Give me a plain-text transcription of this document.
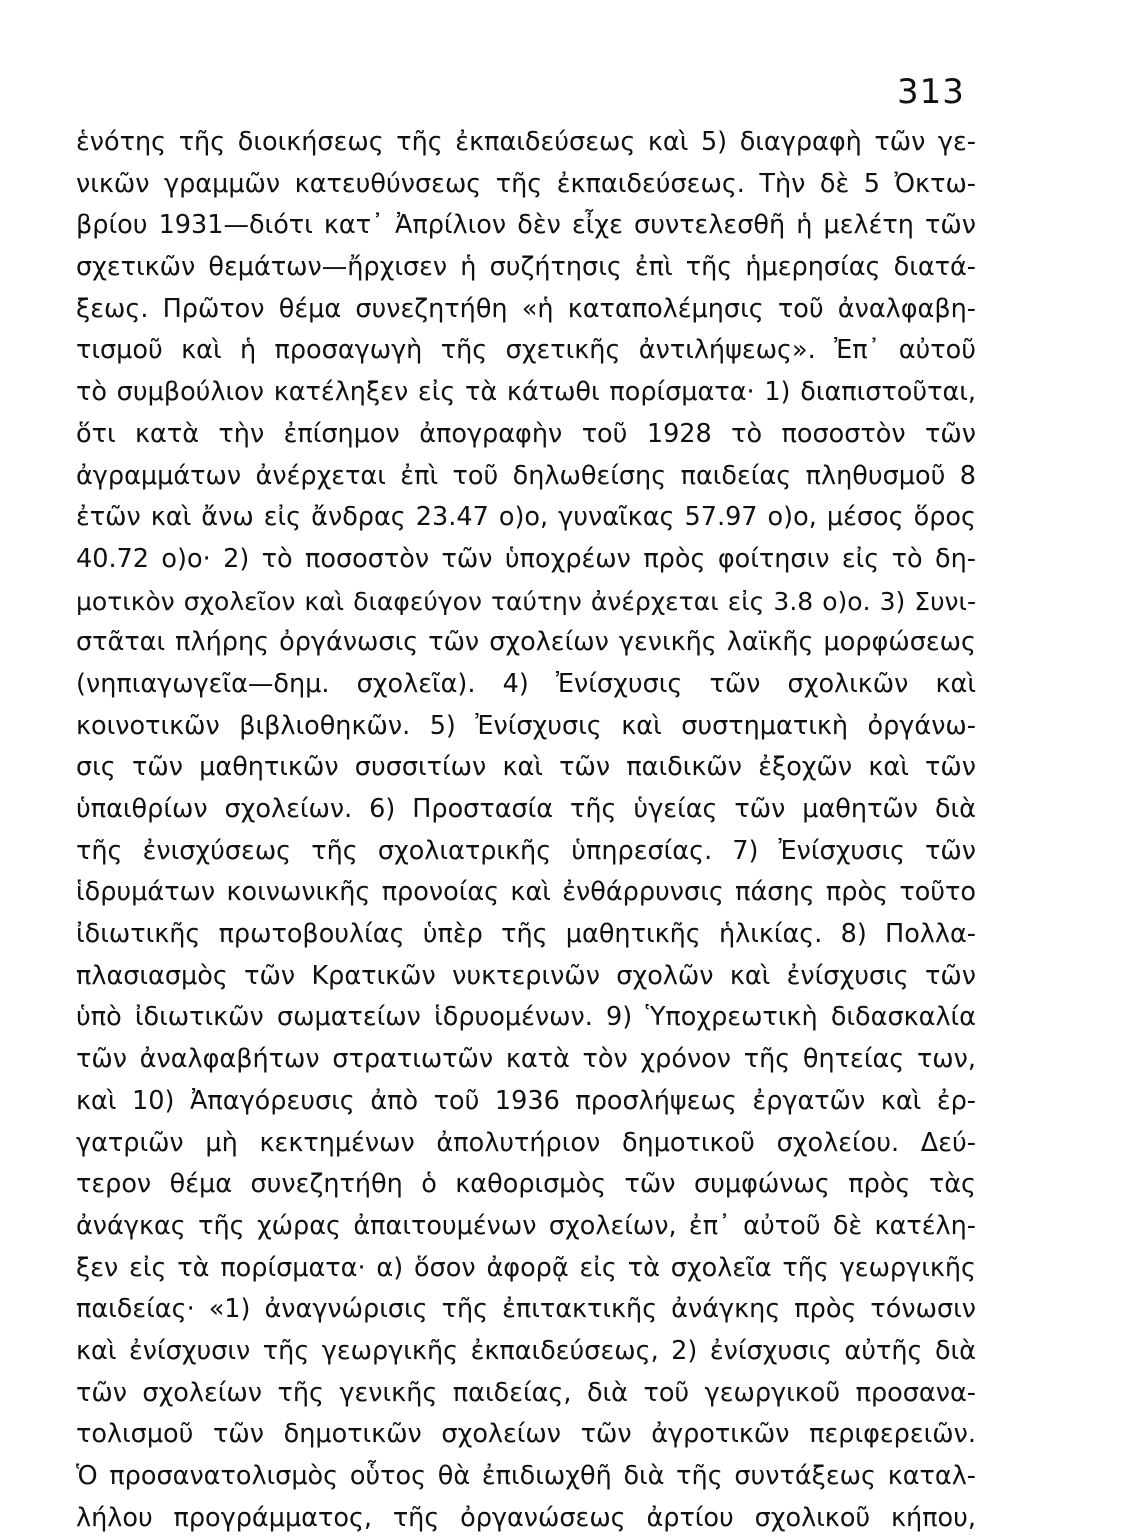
313
ἑνότης τῆς διοικήσεως τῆς ἐκπαιδεύσεως καὶ 5) διαγραφὴ τῶν γε-
νικῶν γραμμῶν κατευθύνσεως τῆς ἐκπαιδεύσεως. Τὴν δὲ 5 Ὀκτω-
βρίου 1931—διότι κατ᾽ Ἀπρίλιον δὲν εἶχε συντελεσθῆ ἡ μελέτη τῶν
σχετικῶν θεμάτων—ἤρχισεν ἡ συζήτησις ἐπὶ τῆς ἡμερησίας διατά-
ξεως. Πρῶτον θέμα συνεζητήθη «ἡ καταπολέμησις τοῦ ἀναλφαβη-
τισμοῦ καὶ ἡ προσαγωγὴ τῆς σχετικῆς ἀντιλήψεως». Ἐπ᾽ αὐτοῦ
τὸ συμβούλιον κατέληξεν εἰς τὰ κάτωθι πορίσματα· 1) διαπιστοῦται,
ὅτι κατὰ τὴν ἐπίσημον ἀπογραφὴν τοῦ 1928 τὸ ποσοστὸν τῶν
ἀγραμμάτων ἀνέρχεται ἐπὶ τοῦ δηλωθείσης παιδείας πληθυσμοῦ 8
ἐτῶν καὶ ἄνω εἰς ἄνδρας 23.47 ο)ο, γυναῖκας 57.97 ο)ο, μέσος ὅρος
40.72 ο)ο· 2) τὸ ποσοστὸν τῶν ὑποχρέων πρὸς φοίτησιν εἰς τὸ δη-
μοτικὸν σχολεῖον καὶ διαφεύγον ταύτην ἀνέρχεται εἰς 3.8 ο)ο. 3) Συνι-
στᾶται πλήρης ὀργάνωσις τῶν σχολείων γενικῆς λαϊκῆς μορφώσεως
(νηπιαγωγεῖα—δημ. σχολεῖα). 4) Ἐνίσχυσις τῶν σχολικῶν καὶ
κοινοτικῶν βιβλιοθηκῶν. 5) Ἐνίσχυσις καὶ συστηματικὴ ὀργάνω-
σις τῶν μαθητικῶν συσσιτίων καὶ τῶν παιδικῶν ἐξοχῶν καὶ τῶν
ὑπαιθρίων σχολείων. 6) Προστασία τῆς ὑγείας τῶν μαθητῶν διὰ
τῆς ἐνισχύσεως τῆς σχολιατρικῆς ὑπηρεσίας. 7) Ἐνίσχυσις τῶν
ἱδρυμάτων κοινωνικῆς προνοίας καὶ ἐνθάρρυνσις πάσης πρὸς τοῦτο
ἰδιωτικῆς πρωτοβουλίας ὑπὲρ τῆς μαθητικῆς ἡλικίας. 8) Πολλα-
πλασιασμὸς τῶν Κρατικῶν νυκτερινῶν σχολῶν καὶ ἐνίσχυσις τῶν
ὑπὸ ἰδιωτικῶν σωματείων ἱδρυομένων. 9) Ὑποχρεωτικὴ διδασκαλία
τῶν ἀναλφαβήτων στρατιωτῶν κατὰ τὸν χρόνον τῆς θητείας των,
καὶ 10) Ἀπαγόρευσις ἀπὸ τοῦ 1936 προσλήψεως ἐργατῶν καὶ ἐρ-
γατριῶν μὴ κεκτημένων ἀπολυτήριον δημοτικοῦ σχολείου. Δεύ-
τερον θέμα συνεζητήθη ὁ καθορισμὸς τῶν συμφώνως πρὸς τὰς
ἀνάγκας τῆς χώρας ἀπαιτουμένων σχολείων, ἐπ᾽ αὐτοῦ δὲ κατέλη-
ξεν εἰς τὰ πορίσματα· α) ὅσον ἀφορᾷ εἰς τὰ σχολεῖα τῆς γεωργικῆς
παιδείας· «1) ἀναγνώρισις τῆς ἐπιτακτικῆς ἀνάγκης πρὸς τόνωσιν
καὶ ἐνίσχυσιν τῆς γεωργικῆς ἐκπαιδεύσεως, 2) ἐνίσχυσις αὐτῆς διὰ
τῶν σχολείων τῆς γενικῆς παιδείας, διὰ τοῦ γεωργικοῦ προσανα-
τολισμοῦ τῶν δημοτικῶν σχολείων τῶν ἀγροτικῶν περιφερειῶν.
Ὁ προσανατολισμὸς οὗτος θὰ ἐπιδιωχθῆ διὰ τῆς συντάξεως καταλ-
λήλου προγράμματος, τῆς ὀργανώσεως ἀρτίου σχολικοῦ κήπου,
